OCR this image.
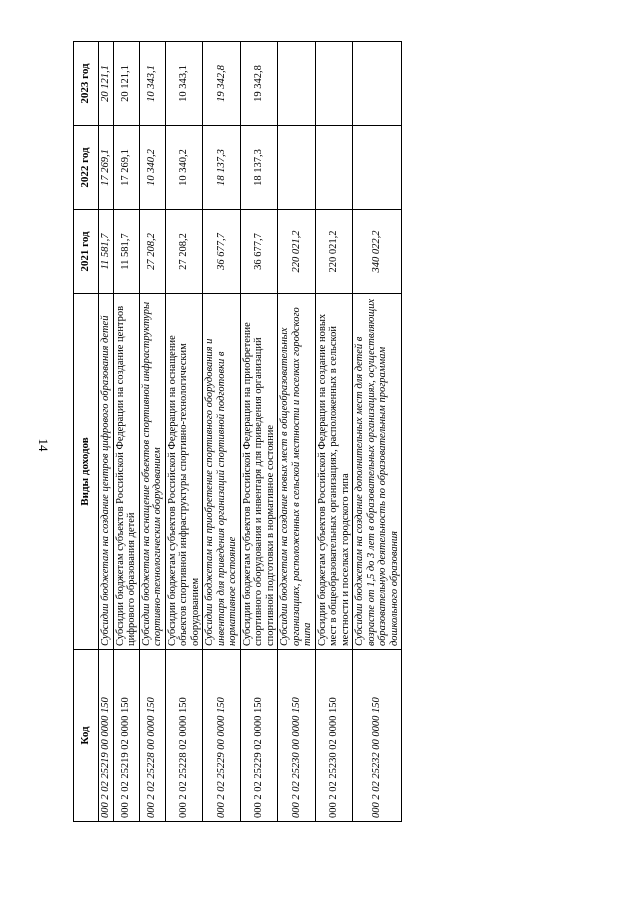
14
Код	Виды доходов	2021 год	2022 год	2023 год
000 2 02 25219 00 0000 150	Субсидии бюджетам на создание центров цифрового образования детей	11 581,7	17 269,1	20 121,1
000 2 02 25219 02 0000 150	Субсидии бюджетам субъектов Российской Федерации на создание центров цифрового образования детей	11 581,7	17 269,1	20 121,1
000 2 02 25228 00 0000 150	Субсидии бюджетам на оснащение объектов спортивной инфраструктуры спортивно-технологическим оборудованием	27 208,2	10 340,2	10 343,1
000 2 02 25228 02 0000 150	Субсидии бюджетам субъектов Российской Федерации на оснащение объектов спортивной инфраструктуры спортивно-технологическим оборудованием	27 208,2	10 340,2	10 343,1
000 2 02 25229 00 0000 150	Субсидии бюджетам на приобретение спортивного оборудования и инвентаря для приведения организаций спортивной подготовки в нормативное состояние	36 677,7	18 137,3	19 342,8
000 2 02 25229 02 0000 150	Субсидии бюджетам субъектов Российской Федерации на приобретение спортивного оборудования и инвентаря для приведения организаций спортивной подготовки в нормативное состояние	36 677,7	18 137,3	19 342,8
000 2 02 25230 00 0000 150	Субсидии бюджетам на создание новых мест в общеобразовательных организациях, расположенных в сельской местности и поселках городского типа	220 021,2		
000 2 02 25230 02 0000 150	Субсидии бюджетам субъектов Российской Федерации на создание новых мест в общеобразовательных организациях, расположенных в сельской местности и поселках городского типа	220 021,2		
000 2 02 25232 00 0000 150	Субсидии бюджетам на создание дополнительных мест для детей в возрасте от 1,5 до 3 лет в образовательных организациях, осуществляющих образовательную деятельность по образовательным программам дошкольного образования	340 022,2		
